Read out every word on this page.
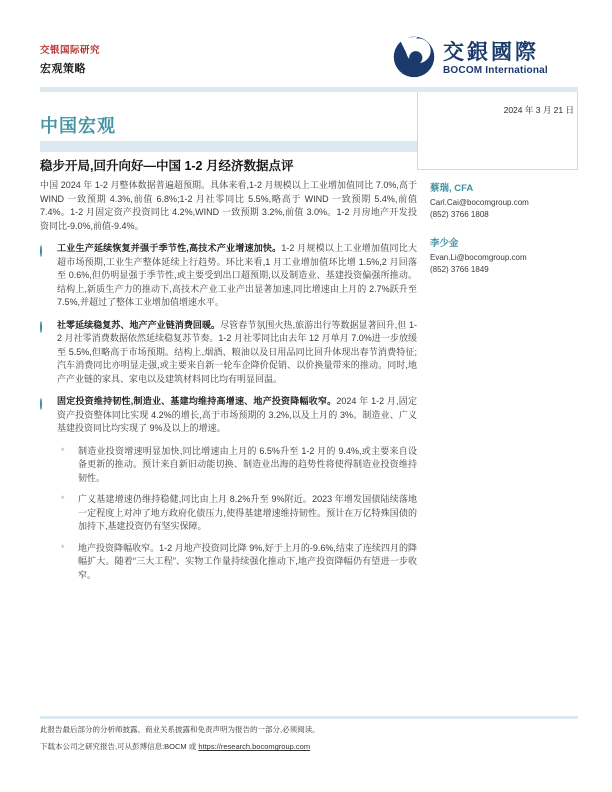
交银国际研究
宏观策略
交銀國際
BOCOM International
2024 年 3 月 21 日
中国宏观
稳步开局,回升向好—中国 1-2 月经济数据点评

中国 2024 年 1-2 月整体数据普遍超预期。具体来看,1-2 月规模以上工业增加值同比 7.0%,高于 WIND 一致预期 4.3%,前值 6.8%;1-2 月社零同比 5.5%,略高于 WIND 一致预期 5.4%,前值 7.4%。1-2 月固定资产投资同比 4.2%,WIND 一致预期 3.2%,前值 3.0%。1-2 月房地产开发投资同比-9.0%,前值-9.4%。

工业生产延续恢复并强于季节性,高技术产业增速加快。1-2 月规模以上工业增加值同比大超市场预期,工业生产整体延续上行趋势。环比来看,1 月工业增加值环比增 1.5%,2 月回落至 0.6%,但仍明显强于季节性,或主要受到出口超预期,以及制造业、基建投资偏强所推动。结构上,新质生产力的推动下,高技术产业工业产出显著加速,同比增速由上月的 2.7%跃升至 7.5%,并超过了整体工业增加值增速水平。
社零延续稳复苏、地产产业链消费回暖。尽管春节氛围火热,旅游出行等数据显著回升,但 1-2 月社零消费数据依然延续稳复苏节奏。1-2 月社零同比由去年 12 月单月 7.0%进一步放缓至 5.5%,但略高于市场预期。结构上,烟酒、粮油以及日用品同比回升体现出春节消费特征;汽车消费同比亦明显走强,或主要来自新一轮车企降价促销、以价换量带来的推动。同时,地产产业链的家具、家电以及建筑材料同比均有明显回温。
固定投资维持韧性,制造业、基建均维持高增速、地产投资降幅收窄。2024 年 1-2 月,固定资产投资整体同比实现 4.2%的增长,高于市场预期的 3.2%,以及上月的 3%。制造业、广义基建投资同比均实现了 9%及以上的增速。
*	制造业投资增速明显加快,同比增速由上月的 6.5%升至 1-2 月的 9.4%,或主要来自设备更新的推动。预计来自新旧动能切换、制造业出海的趋势性将使得制造业投资维持韧性。
*	广义基建增速仍维持稳健,同比由上月 8.2%升至 9%附近。2023 年增发国债陆续落地一定程度上对冲了地方政府化债压力,使得基建增速维持韧性。预计在万亿特殊国债的加持下,基建投资仍有坚实保障。
*	地产投资降幅收窄。1-2 月地产投资同比降 9%,好于上月的-9.6%,结束了连续四月的降幅扩大。随着“三大工程”、实物工作量持续强化推动下,地产投资降幅仍有望进一步收窄。
蔡瑞, CFA
Carl.Cai@bocomgroup.com
(852) 3766 1808
李少金
Evan.Li@bocomgroup.com
(852) 3766 1849
此报告最后部分的分析师披露、商业关系披露和免责声明为报告的一部分,必须阅读。
下载本公司之研究报告,可从彭博信息:BOCM 或 https://research.bocomgroup.com
